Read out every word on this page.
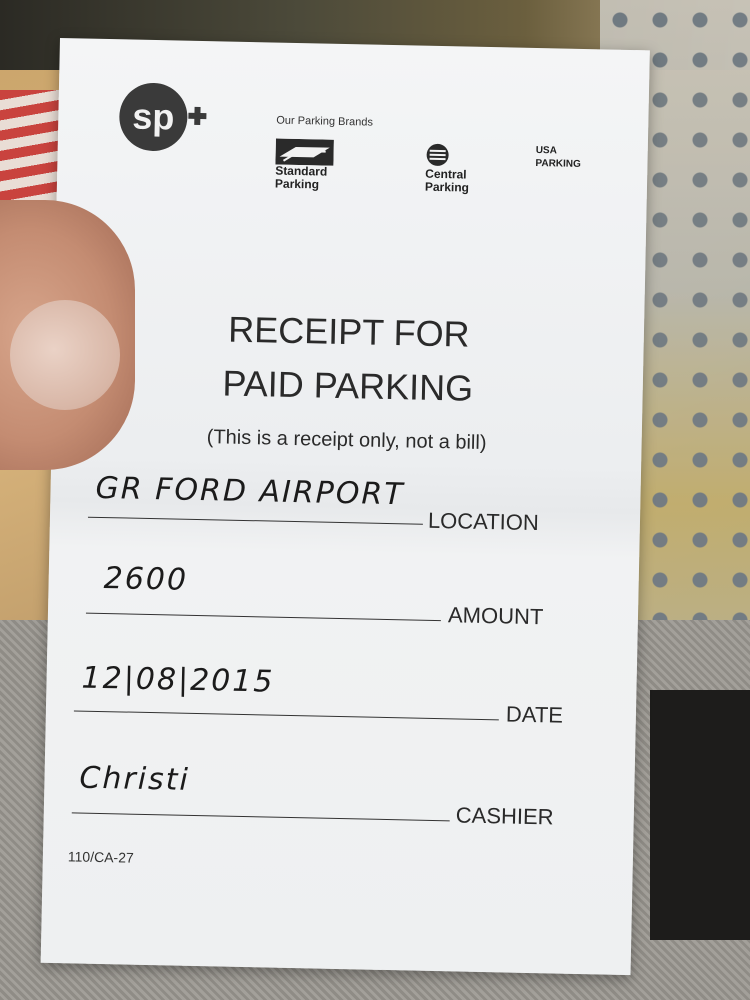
sp	Our Parking Brands
Standard
Parking
Central
Parking
USA
PARKING
RECEIPT FOR
PAID PARKING
(This is a receipt only, not a bill)
GR FORD AIRPORT
LOCATION
2600
AMOUNT
12|08|2015
DATE
Christi
CASHIER
110/CA-27
